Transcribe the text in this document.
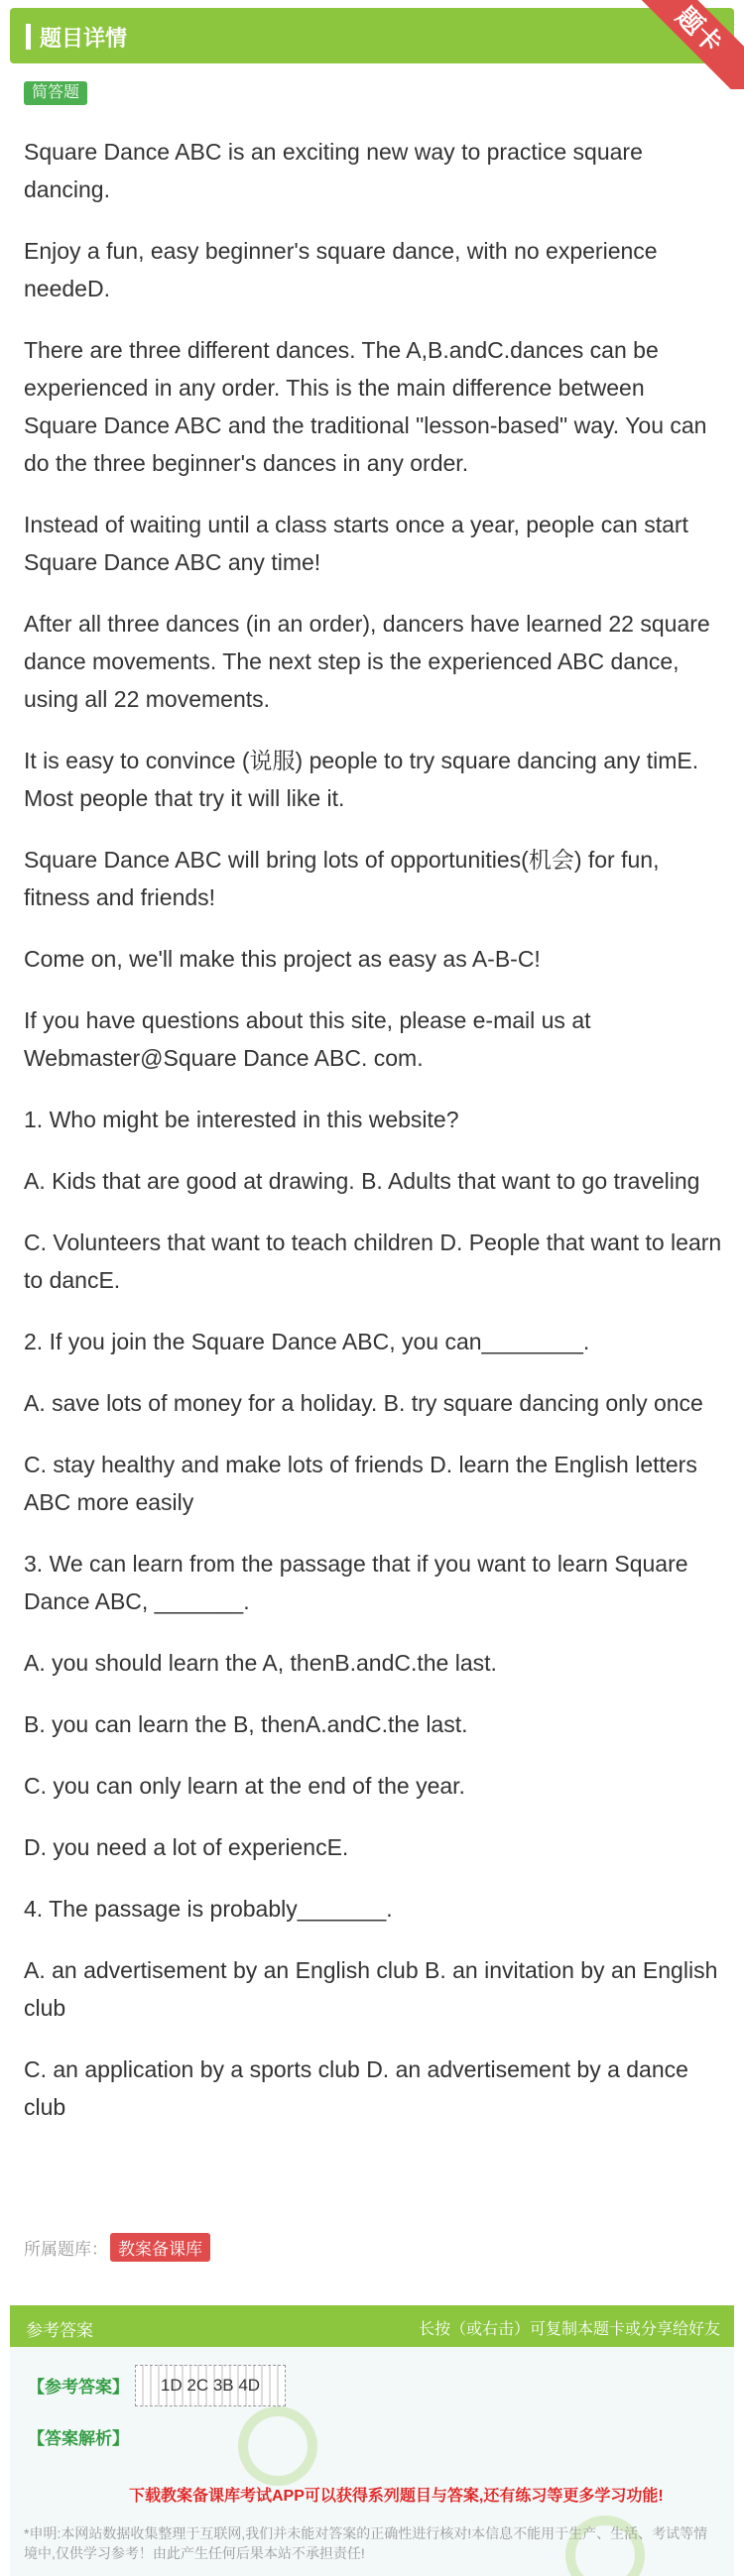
题目详情	题卡
简答题

Square Dance ABC is an exciting new way to practice square dancing.

Enjoy a fun, easy beginner's square dance, with no experience needeD.

There are three different dances. The A,B.andC.dances can be experienced in any order. This is the main difference between Square Dance ABC and the traditional "lesson-based" way. You can do the three beginner's dances in any order.

Instead of waiting until a class starts once a year, people can start Square Dance ABC any time!

After all three dances (in an order), dancers have learned 22 square dance movements. The next step is the experienced ABC dance, using all 22 movements.

It is easy to convince (说服) people to try square dancing any timE. Most people that try it will like it.

Square Dance ABC will bring lots of opportunities(机会) for fun, fitness and friends!

Come on, we'll make this project as easy as A-B-C!

If you have questions about this site, please e-mail us at Webmaster@Square Dance ABC. com.

1. Who might be interested in this website?

A. Kids that are good at drawing. B. Adults that want to go traveling

C. Volunteers that want to teach children D. People that want to learn to dancE.

2. If you join the Square Dance ABC, you can________.

A. save lots of money for a holiday. B. try square dancing only once

C. stay healthy and make lots of friends D. learn the English letters ABC more easily

3. We can learn from the passage that if you want to learn Square Dance ABC, _______.

A. you should learn the A, thenB.andC.the last.

B. you can learn the B, thenA.andC.the last.

C. you can only learn at the end of the year.

D. you need a lot of experiencE.

4. The passage is probably_______.

A. an advertisement by an English club B. an invitation by an English club

C. an application by a sports club D. an advertisement by a dance club

所属题库： 教案备课库
参考答案	长按（或右击）可复制本题卡或分享给好友
【参考答案】	1D 2C 3B 4D
【答案解析】
下载教案备课库考试APP可以获得系列题目与答案,还有练习等更多学习功能!
*申明:本网站数据收集整理于互联网,我们并未能对答案的正确性进行核对!本信息不能用于生产、生活、考试等情境中,仅供学习参考！由此产生任何后果本站不承担责任!
